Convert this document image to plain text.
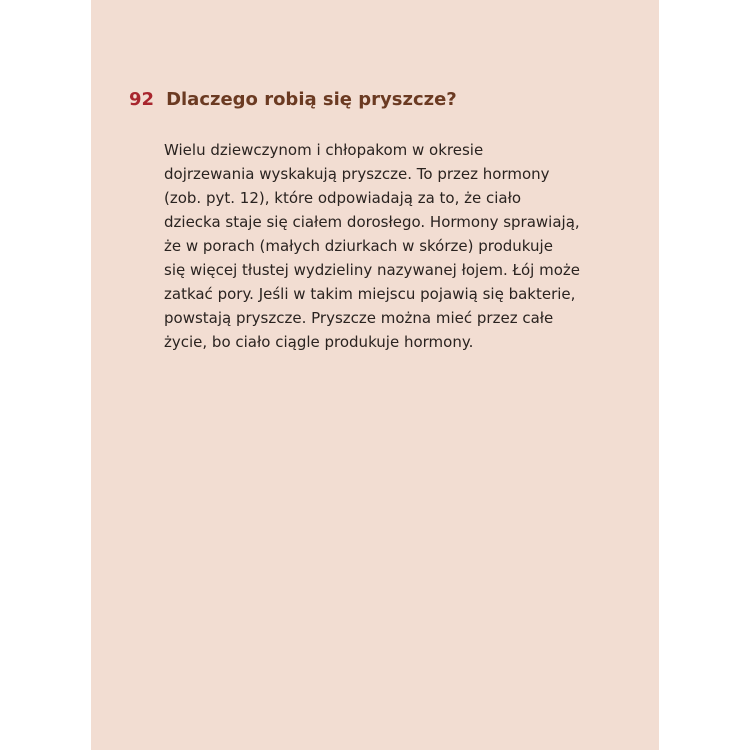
92 Dlaczego robią się pryszcze?
Wielu dziewczynom i chłopakom w okresie
dojrzewania wyskakują pryszcze. To przez hormony
(zob. pyt. 12), które odpowiadają za to, że ciało
dziecka staje się ciałem dorosłego. Hormony sprawiają,
że w porach (małych dziurkach w skórze) produkuje
się więcej tłustej wydzieliny nazywanej łojem. Łój może
zatkać pory. Jeśli w takim miejscu pojawią się bakterie,
powstają pryszcze. Pryszcze można mieć przez całe
życie, bo ciało ciągle produkuje hormony.
